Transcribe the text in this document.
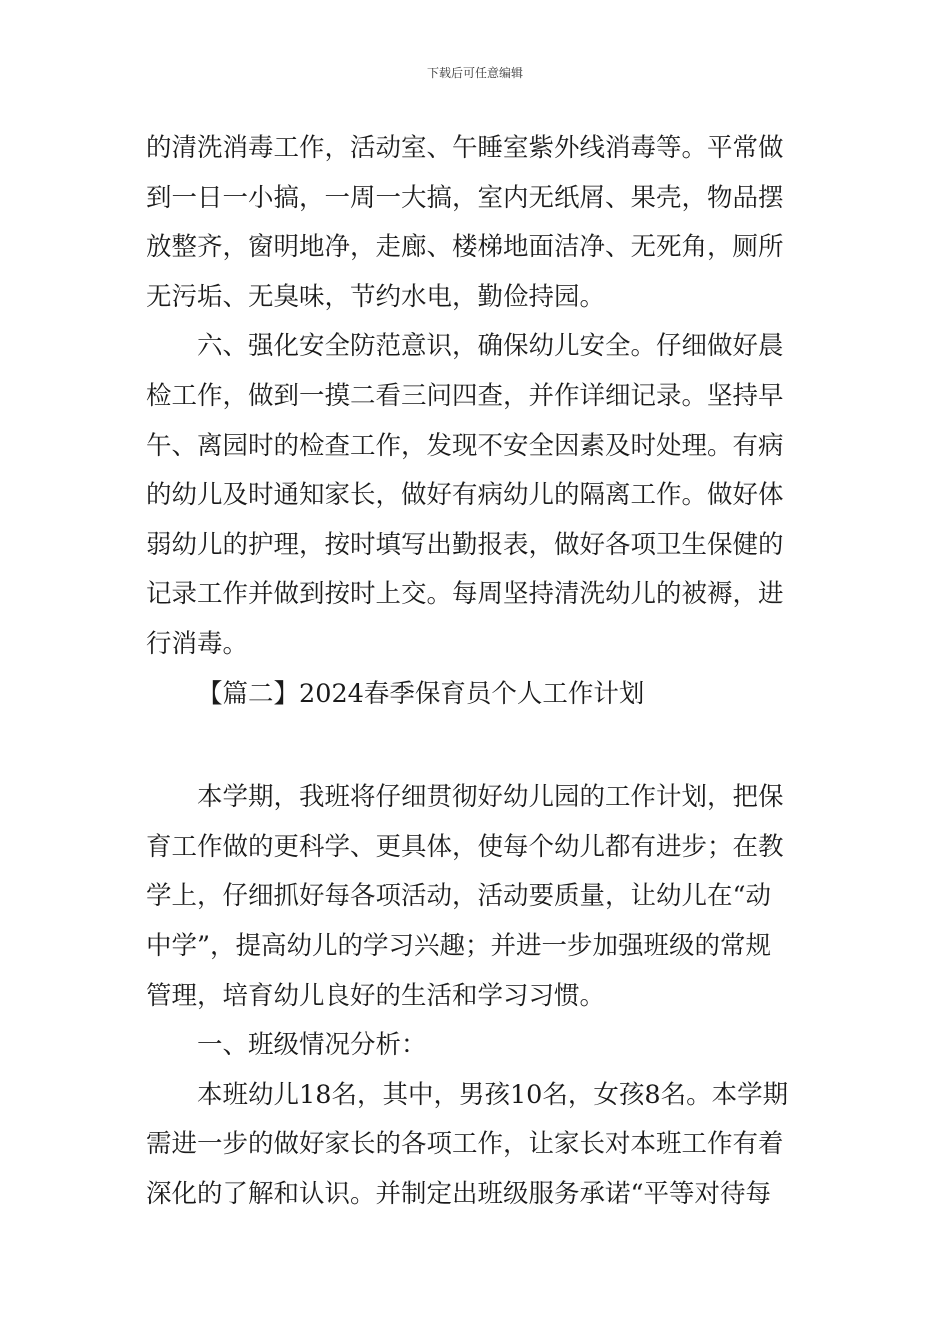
下载后可任意编辑
的清洗消毒工作，活动室、午睡室紫外线消毒等。平常做
到一日一小搞，一周一大搞，室内无纸屑、果壳，物品摆
放整齐，窗明地净，走廊、楼梯地面洁净、无死角，厕所
无污垢、无臭味，节约水电，勤俭持园。
六、强化安全防范意识，确保幼儿安全。仔细做好晨
检工作，做到一摸二看三问四查，并作详细记录。坚持早
午、离园时的检查工作，发现不安全因素及时处理。有病
的幼儿及时通知家长，做好有病幼儿的隔离工作。做好体
弱幼儿的护理，按时填写出勤报表，做好各项卫生保健的
记录工作并做到按时上交。每周坚持清洗幼儿的被褥，进
行消毒。
【篇二】2024春季保育员个人工作计划
本学期，我班将仔细贯彻好幼儿园的工作计划，把保
育工作做的更科学、更具体，使每个幼儿都有进步；在教
学上，仔细抓好每各项活动，活动要质量，让幼儿在“动
中学”，提高幼儿的学习兴趣；并进一步加强班级的常规
管理，培育幼儿良好的生活和学习习惯。
一、班级情况分析：
本班幼儿18名，其中，男孩10名，女孩8名。本学期
需进一步的做好家长的各项工作，让家长对本班工作有着
深化的了解和认识。并制定出班级服务承诺“平等对待每
